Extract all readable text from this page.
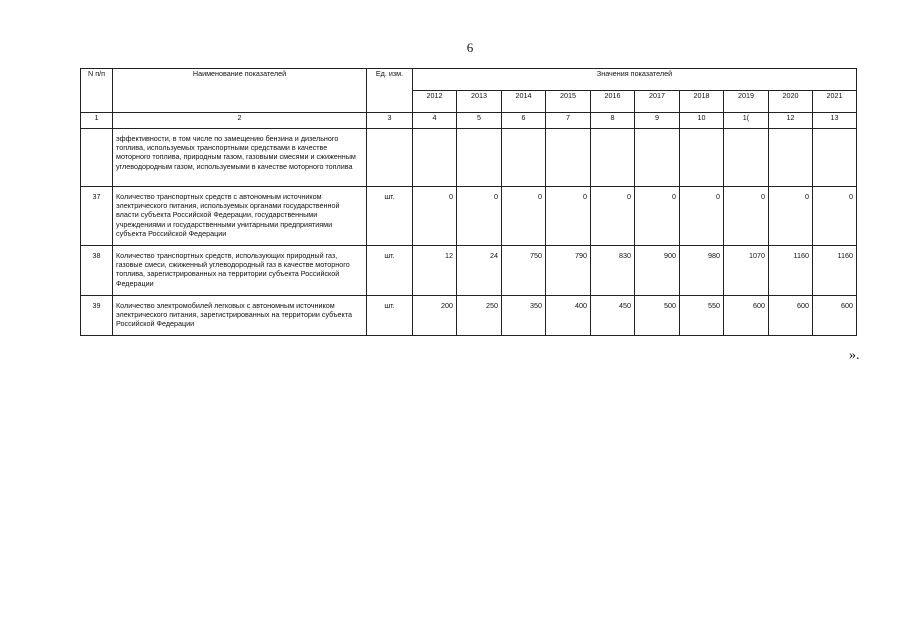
6
N п/п	Наименование показателей	Ед. изм.	Значения показателей									
			2012	2013	2014	2015	2016	2017	2018	2019	2020	2021
1	2	3	4	5	6	7	8	9	10	1(	12	13
	эффективности, в том числе по замещению бензина и дизельного топлива, используемых транспортными средствами в качестве моторного топлива, природным газом, газовыми смесями и сжиженным углеводородным газом, используемыми в качестве моторного топлива											
37	Количество транспортных средств с автономным источником электрического питания, используемых органами государственной власти субъекта Российской Федерации, государственными учреждениями и государственными унитарными предприятиями субъекта Российской Федерации	шт.	0	0	0	0	0	0	0	0	0	0
38	Количество транспортных средств, использующих природный газ, газовые смеси, сжиженный углеводородный газ в качестве моторного топлива, зарегистрированных на территории субъекта Российской Федерации	шт.	12	24	750	790	830	900	980	1070	1160	1160
39	Количество электромобилей легковых с автономным источником электрического питания, зарегистрированных на территории субъекта Российской Федерации	шт.	200	250	350	400	450	500	550	600	600	600
».
